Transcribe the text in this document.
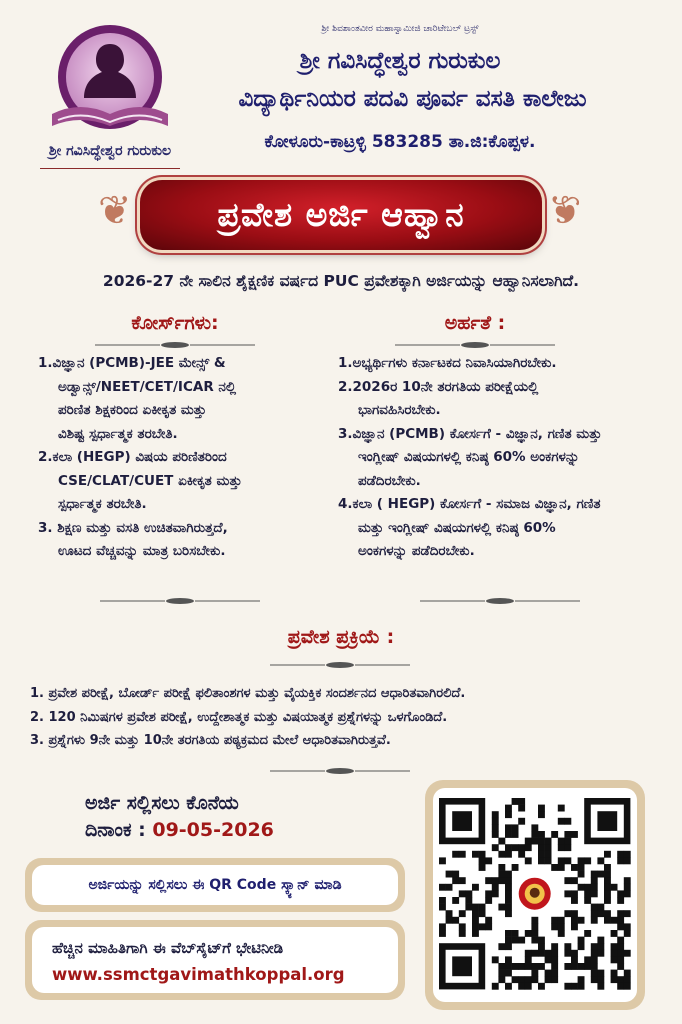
ಶ್ರೀ ಗವಿಸಿದ್ಧೇಶ್ವರ ಗುರುಕುಲ
ಶ್ರೀ ಶಿವಶಾಂತವೀರ ಮಹಾಸ್ವಾಮೀಜಿ ಚಾರಿಟೇಬಲ್ ಟ್ರಸ್ಟ್
ಶ್ರೀ ಗವಿಸಿದ್ಧೇಶ್ವರ ಗುರುಕುಲ
ವಿದ್ಯಾರ್ಥಿನಿಯರ ಪದವಿ ಪೂರ್ವ ವಸತಿ ಕಾಲೇಜು
ಕೋಳೂರು-ಕಾಟ್ರಳ್ಳಿ 583285 ತಾ.ಜಿ:ಕೊಪ್ಪಳ.
❦	ಪ್ರವೇಶ ಅರ್ಜಿ ಆಹ್ವಾನ ❦
2026-27 ನೇ ಸಾಲಿನ ಶೈಕ್ಷಣಿಕ ವರ್ಷದ PUC ಪ್ರವೇಶಕ್ಕಾಗಿ ಅರ್ಜಿಯನ್ನು ಆಹ್ವಾನಿಸಲಾಗಿದೆ.
ಕೋರ್ಸ್‌ಗಳು:
1.ವಿಜ್ಞಾನ (PCMB)-JEE ಮೇನ್ಸ್ &
ಅಡ್ವಾನ್ಸ್/NEET/CET/ICAR ನಲ್ಲಿ
ಪರಿಣಿತ ಶಿಕ್ಷಕರಿಂದ ಏಕೀಕೃತ ಮತ್ತು
ವಿಶಿಷ್ಟ ಸ್ಪರ್ಧಾತ್ಮಕ ತರಬೇತಿ.
2.ಕಲಾ (HEGP) ವಿಷಯ ಪರಿಣಿತರಿಂದ
CSE/CLAT/CUET ಏಕೀಕೃತ ಮತ್ತು
ಸ್ಪರ್ಧಾತ್ಮಕ ತರಬೇತಿ.
3. ಶಿಕ್ಷಣ ಮತ್ತು ವಸತಿ ಉಚಿತವಾಗಿರುತ್ತದೆ,
ಊಟದ ವೆಚ್ಚವನ್ನು ಮಾತ್ರ ಬರಿಸಬೇಕು.
ಅರ್ಹತೆ :
1.ಅಭ್ಯರ್ಥಿಗಳು ಕರ್ನಾಟಕದ ನಿವಾಸಿಯಾಗಿರಬೇಕು.
2.2026ರ 10ನೇ ತರಗತಿಯ ಪರೀಕ್ಷೆಯಲ್ಲಿ
ಭಾಗವಹಿಸಿರಬೇಕು.
3.ವಿಜ್ಞಾನ (PCMB) ಕೋರ್ಸಗೆ - ವಿಜ್ಞಾನ, ಗಣಿತ ಮತ್ತು
ಇಂಗ್ಲೀಷ್ ವಿಷಯಗಳಲ್ಲಿ ಕನಿಷ್ಠ 60% ಅಂಕಗಳನ್ನು
ಪಡೆದಿರಬೇಕು.
4.ಕಲಾ ( HEGP) ಕೋರ್ಸಗೆ - ಸಮಾಜ ವಿಜ್ಞಾನ, ಗಣಿತ
ಮತ್ತು ಇಂಗ್ಲೀಷ್ ವಿಷಯಗಳಲ್ಲಿ ಕನಿಷ್ಠ 60%
ಅಂಕಗಳನ್ನು ಪಡೆದಿರಬೇಕು.
ಪ್ರವೇಶ ಪ್ರಕ್ರಿಯೆ :
1. ಪ್ರವೇಶ ಪರೀಕ್ಷೆ, ಬೋರ್ಡ್ ಪರೀಕ್ಷೆ ಫಲಿತಾಂಶಗಳ ಮತ್ತು ವೈಯಕ್ತಿಕ ಸಂದರ್ಶನದ ಆಧಾರಿತವಾಗಿರಲಿದೆ.
2. 120 ನಿಮಿಷಗಳ ಪ್ರವೇಶ ಪರೀಕ್ಷೆ, ಉದ್ದೇಶಾತ್ಮಕ ಮತ್ತು ವಿಷಯಾತ್ಮಕ ಪ್ರಶ್ನೆಗಳನ್ನು ಒಳಗೊಂಡಿದೆ.
3. ಪ್ರಶ್ನೆಗಳು 9ನೇ ಮತ್ತು 10ನೇ ತರಗತಿಯ ಪಠ್ಯಕ್ರಮದ ಮೇಲೆ ಆಧಾರಿತವಾಗಿರುತ್ತವೆ.
ಅರ್ಜಿ ಸಲ್ಲಿಸಲು ಕೊನೆಯ
ದಿನಾಂಕ : 09-05-2026
ಅರ್ಜಿಯನ್ನು ಸಲ್ಲಿಸಲು ಈ QR Code ಸ್ಕ್ಯಾನ್ ಮಾಡಿ
ಹೆಚ್ಚಿನ ಮಾಹಿತಿಗಾಗಿ ಈ ವೆಬ್‌ಸೈಟ್‌ಗೆ ಭೇಟಿನೀಡಿ
www.ssmctgavimathkoppal.org
